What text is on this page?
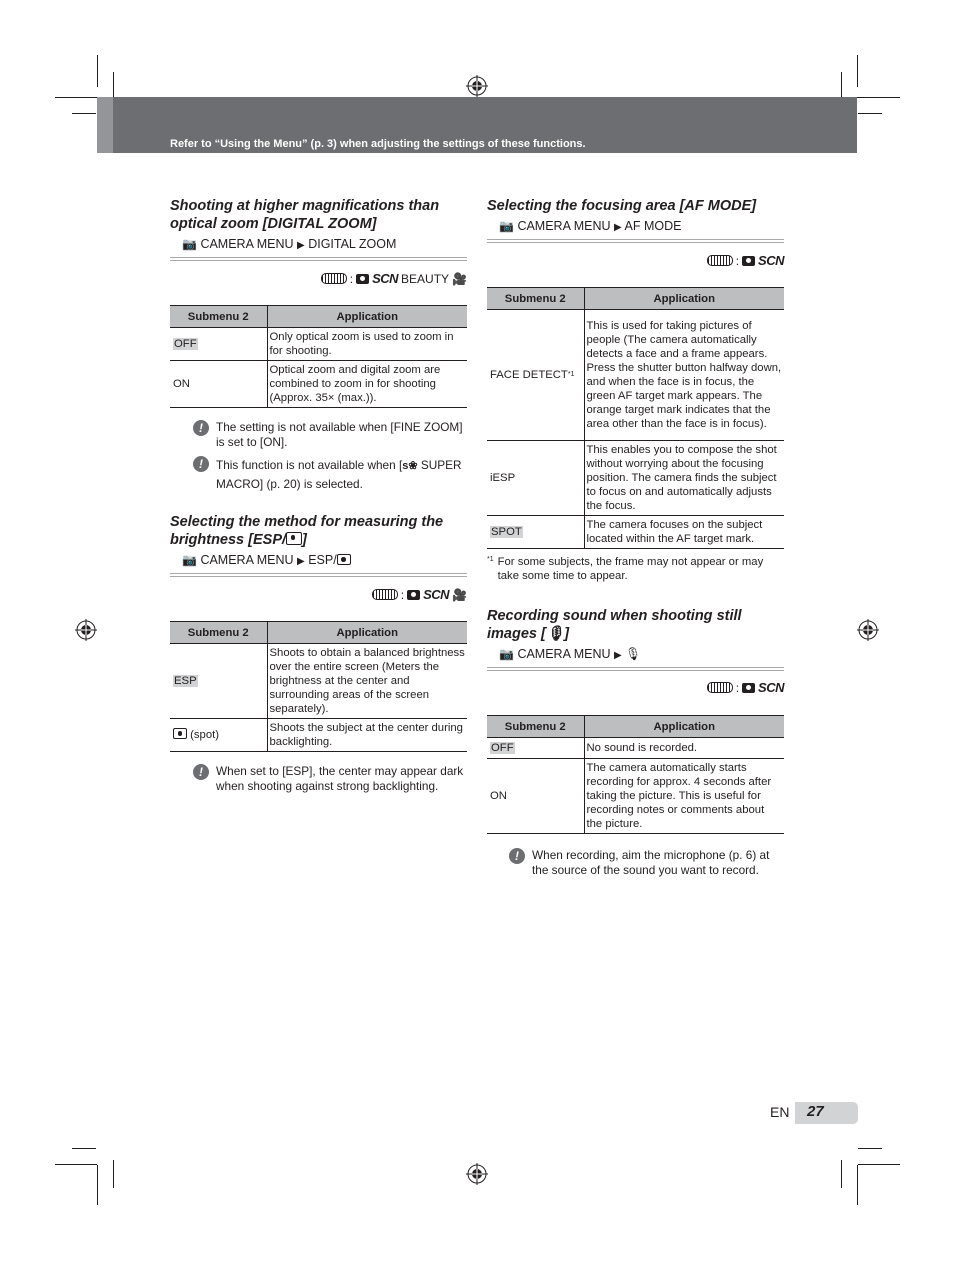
Refer to “Using the Menu” (p. 3) when adjusting the settings of these functions.
Shooting at higher magnifications than
optical zoom [DIGITAL ZOOM]
📷 CAMERA MENU ▶ DIGITAL ZOOM
: SCN BEAUTY 🎥
Submenu 2	Application
OFF	Only optical zoom is used to zoom in for shooting.
ON	Optical zoom and digital zoom are combined to zoom in for shooting (Approx. 35× (max.)).
!	The setting is not available when [FINE ZOOM] is set to [ON].
!	This function is not available when [s❀ SUPER MACRO] (p. 20) is selected.
Selecting the method for measuring the
brightness [ESP/ ]
📷 CAMERA MENU ▶ ESP/
: SCN 🎥
Submenu 2	Application
ESP	Shoots to obtain a balanced brightness over the entire screen (Meters the brightness at the center and surrounding areas of the screen separately).
(spot)	Shoots the subject at the center during backlighting.
!	When set to [ESP], the center may appear dark when shooting against strong backlighting.
Selecting the focusing area [AF MODE]
📷 CAMERA MENU ▶ AF MODE
: SCN
Submenu 2	Application
FACE DETECT$^{*1}$	This is used for taking pictures of people (The camera automatically detects a face and a frame appears. Press the shutter button halfway down, and when the face is in focus, the green AF target mark appears. The orange target mark indicates that the area other than the face is in focus).
iESP	This enables you to compose the shot without worrying about the focusing position. The camera finds the subject to focus on and automatically adjusts the focus.
SPOT	The camera focuses on the subject located within the AF target mark.
*1 For some subjects, the frame may not appear or may take some time to appear.
Recording sound when shooting still
images [🎙]
📷 CAMERA MENU ▶ 🎙
: SCN
Submenu 2	Application
OFF	No sound is recorded.
ON	The camera automatically starts recording for approx. 4 seconds after taking the picture. This is useful for recording notes or comments about the picture.
!	When recording, aim the microphone (p. 6) at the source of the sound you want to record.
EN 27
